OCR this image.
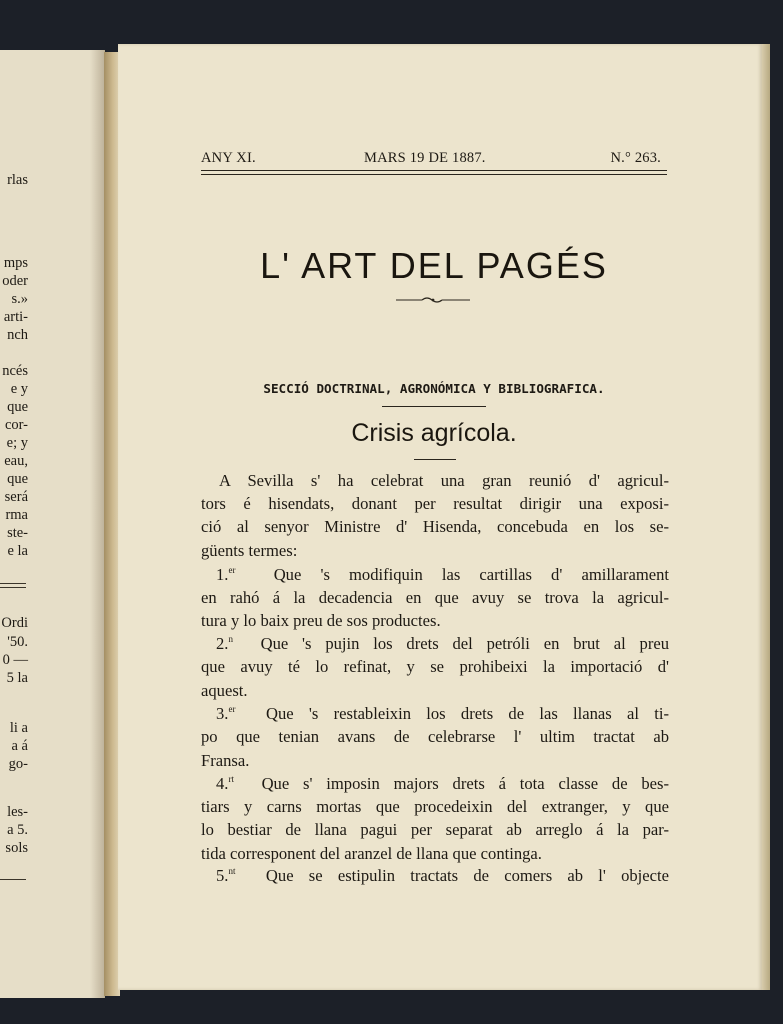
rlas
mps
oder
s.»
arti-
nch
ncés
e y
que
cor-
e; y
eau,
que
será
rma
ste-
e la
Ordi
'50.
0 —
5 la
li a
a á
go-
les-
a 5.
sols
ANY XI.	MARS 19 DE 1887.	N.° 263.
L' ART DEL PAGÉS
SECCIÓ DOCTRINAL, AGRONÓMICA Y BIBLIOGRAFICA.
Crisis agrícola.
A Sevilla s' ha celebrat una gran reunió d' agricul-
tors é hisendats, donant per resultat dirigir una exposi-
ció al senyor Ministre d' Hisenda, concebuda en los se-
güents termes:
1.$^{er}$ Que 's modifiquin las cartillas d' amillarament
en rahó á la decadencia en que avuy se trova la agricul-
tura y lo baix preu de sos productes.
2.$^n$ Que 's pujin los drets del petróli en brut al preu
que avuy té lo refinat, y se prohibeixi la importació d'
aquest.
3.$^{er}$ Que 's restableixin los drets de las llanas al ti-
po que tenian avans de celebrarse l' ultim tractat ab
Fransa.
4.$^{rt}$ Que s' imposin majors drets á tota classe de bes-
tiars y carns mortas que procedeixin del extranger, y que
lo bestiar de llana pagui per separat ab arreglo á la par-
tida corresponent del aranzel de llana que continga.
5.$^{nt}$ Que se estipulin tractats de comers ab l' objecte
